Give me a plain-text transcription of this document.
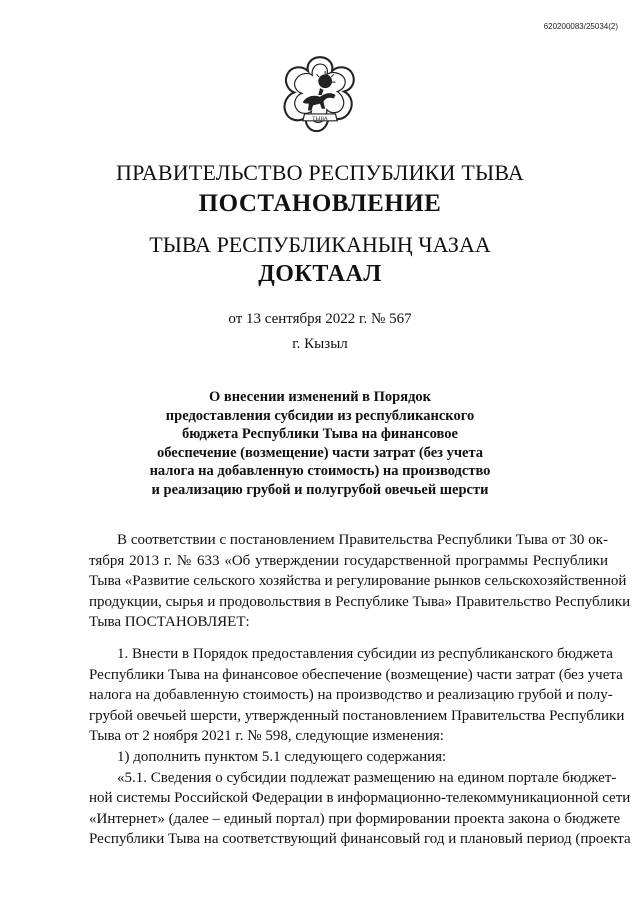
620200083/25034(2)
ТЫВА
ПРАВИТЕЛЬСТВО РЕСПУБЛИКИ ТЫВА
ПОСТАНОВЛЕНИЕ
ТЫВА РЕСПУБЛИКАНЫҢ ЧАЗАА
ДОКТААЛ
от 13 сентября 2022 г. № 567
г. Кызыл
О внесении изменений в Порядок
предоставления субсидии из республиканского
бюджета Республики Тыва на финансовое
обеспечение (возмещение) части затрат (без учета
налога на добавленную стоимость) на производство
и реализацию грубой и полугрубой овечьей шерсти
В соответствии с постановлением Правительства Республики Тыва от 30 ок-
тября 2013 г. № 633 «Об утверждении государственной программы Республики
Тыва «Развитие сельского хозяйства и регулирование рынков сельскохозяйственной
продукции, сырья и продовольствия в Республике Тыва» Правительство Республики
Тыва ПОСТАНОВЛЯЕТ:
1. Внести в Порядок предоставления субсидии из республиканского бюджета
Республики Тыва на финансовое обеспечение (возмещение) части затрат (без учета
налога на добавленную стоимость) на производство и реализацию грубой и полу-
грубой овечьей шерсти, утвержденный постановлением Правительства Республики
Тыва от 2 ноября 2021 г. № 598, следующие изменения:
1) дополнить пунктом 5.1 следующего содержания:
«5.1. Сведения о субсидии подлежат размещению на едином портале бюджет-
ной системы Российской Федерации в информационно-телекоммуникационной сети
«Интернет» (далее – единый портал) при формировании проекта закона о бюджете
Республики Тыва на соответствующий финансовый год и плановый период (проекта
